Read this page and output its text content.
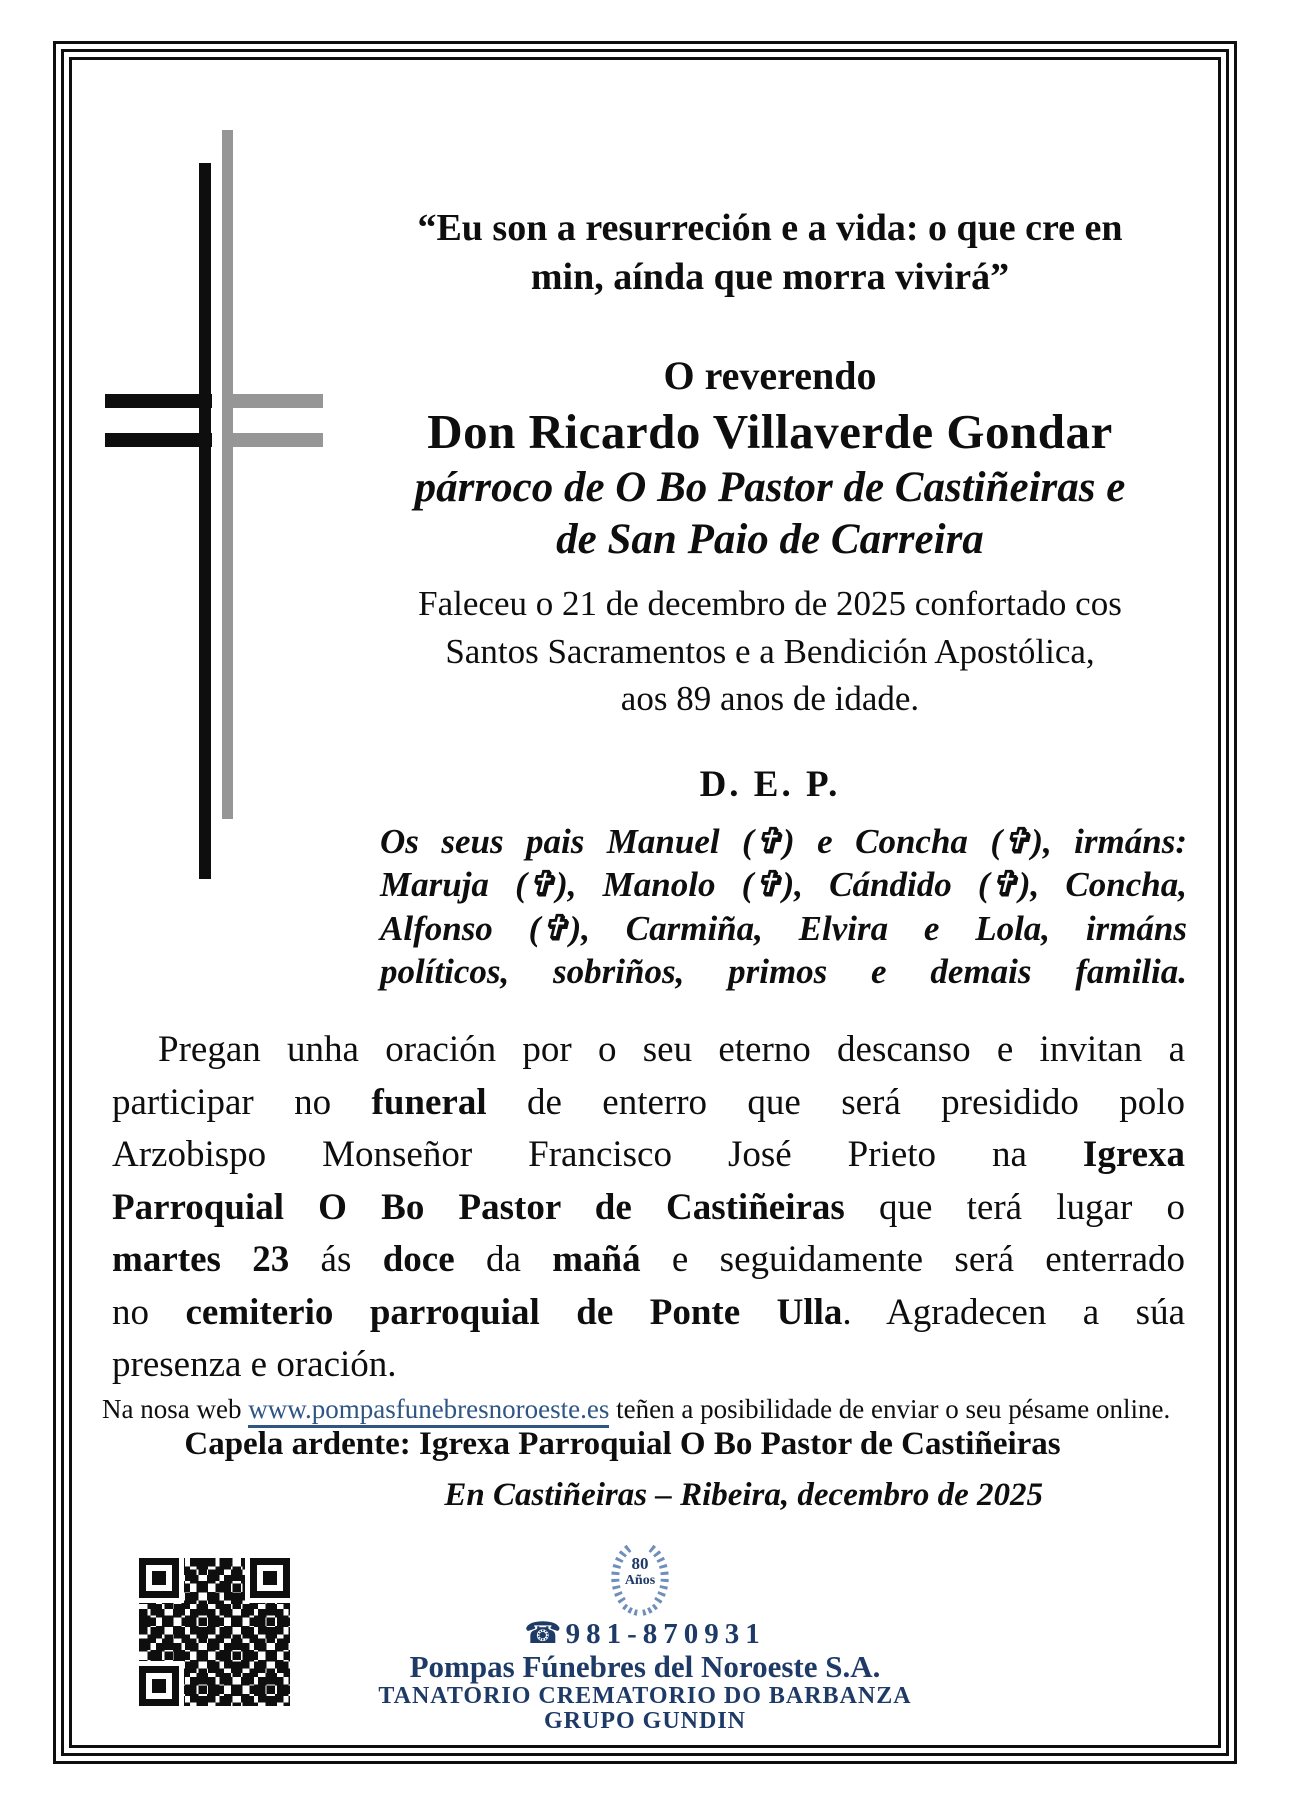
“Eu son a resurreción e a vida: o que cre en
min, aínda que morra vivirá”
O reverendo
Don Ricardo Villaverde Gondar
párroco de O Bo Pastor de Castiñeiras e
de San Paio de Carreira
Faleceu o 21 de decembro de 2025 confortado cos
Santos Sacramentos e a Bendición Apostólica,
aos 89 anos de idade.
D. E. P.
Os seus pais Manuel (✞) e Concha (✞), irmáns:
Maruja (✞), Manolo (✞), Cándido (✞), Concha,
Alfonso (✞), Carmiña, Elvira e Lola, irmáns
políticos, sobriños, primos e demais familia.
Pregan unha oración por o seu eterno descanso e invitan a
participar no funeral de enterro que será presidido polo
Arzobispo Monseñor Francisco José Prieto na Igrexa
Parroquial O Bo Pastor de Castiñeiras que terá lugar o
martes 23 ás doce da mañá e seguidamente será enterrado
no cemiterio parroquial de Ponte Ulla. Agradecen a súa
presenza e oración.
Na nosa web www.pompasfunebresnoroeste.es teñen a posibilidade de enviar o seu pésame online.
Capela ardente: Igrexa Parroquial O Bo Pastor de Castiñeiras
En Castiñeiras – Ribeira, decembro de 2025
80
Años
☎ 981-870931
Pompas Fúnebres del Noroeste S.A.
TANATORIO CREMATORIO DO BARBANZA
GRUPO GUNDIN
